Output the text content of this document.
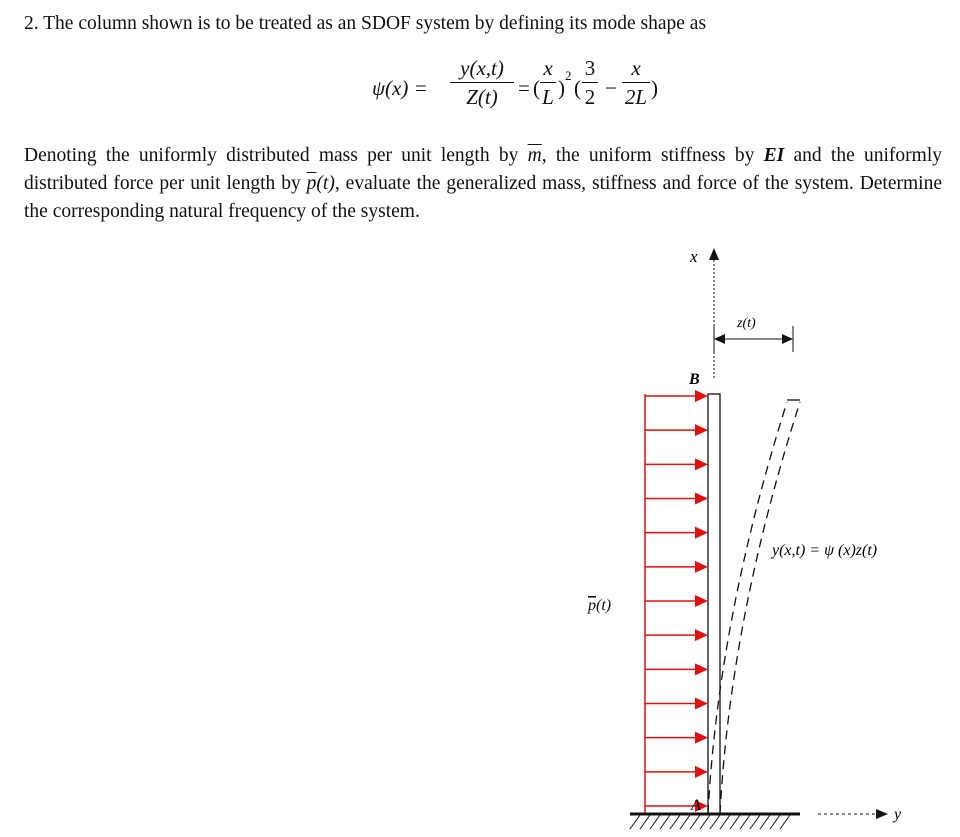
2. The column shown is to be treated as an SDOF system by defining its mode shape as

ψ(x) =
y(x,t)
Z(t) = (
x
L )
2
(
3
2 −
x
2L )
Denoting the uniformly distributed mass per unit length by $\overline{m}$, the uniform stiffness by EI and the uniformly distributed force per unit length by $\overline{p}(t)$, evaluate the generalized mass, stiffness and force of the system. Determine the corresponding natural frequency of the system.
x
z(t)
B
y(x,t) = ψ (x)z(t)
p(t)
A
y
